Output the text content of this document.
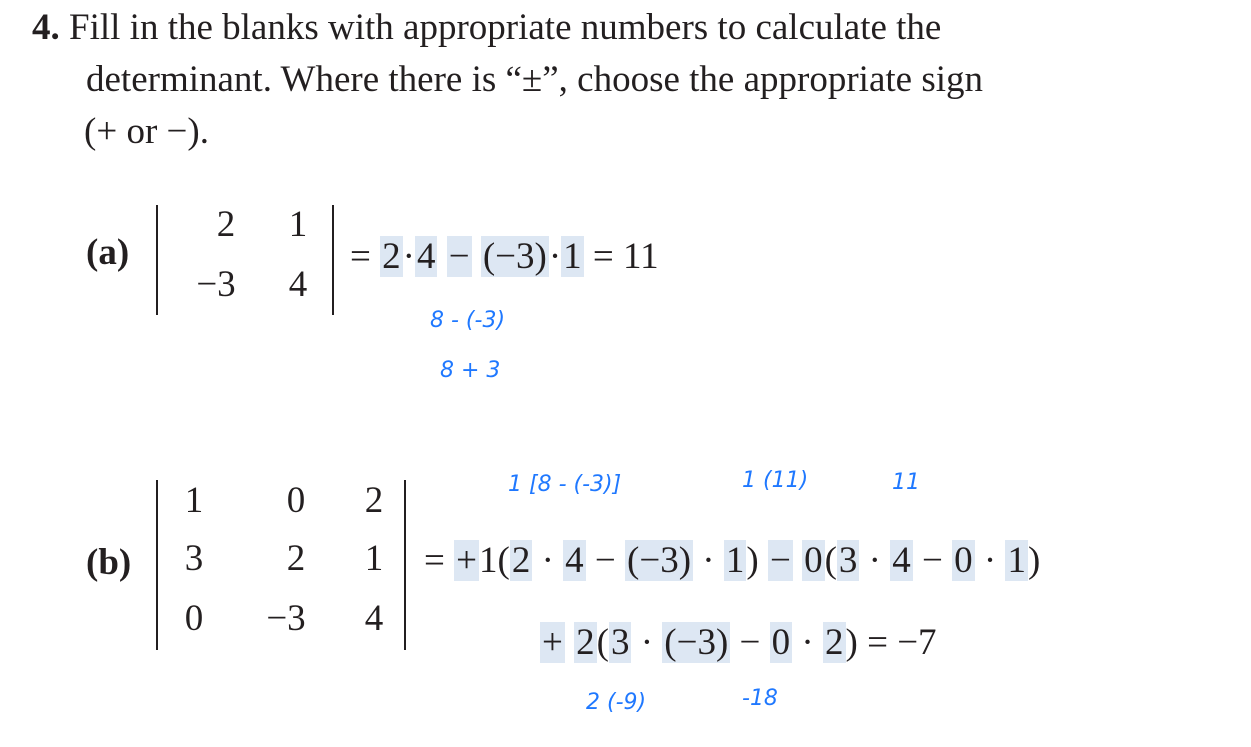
4. Fill in the blanks with appropriate numbers to calculate the
determinant. Where there is “±”, choose the appropriate sign
(+ or −).
(a)
2	1
−3	4
= 2·4 − (−3)·1 = 11
8 - (-3)
8 + 3
1 [8 - (-3)]	1 (11)	11
(b)
1	0	2
3	2	1
0	−3	4
= +1(2 · 4 − (−3) · 1) − 0(3 · 4 − 0 · 1)
+ 2(3 · (−3) − 0 · 2) = −7
2 (-9)	-18
